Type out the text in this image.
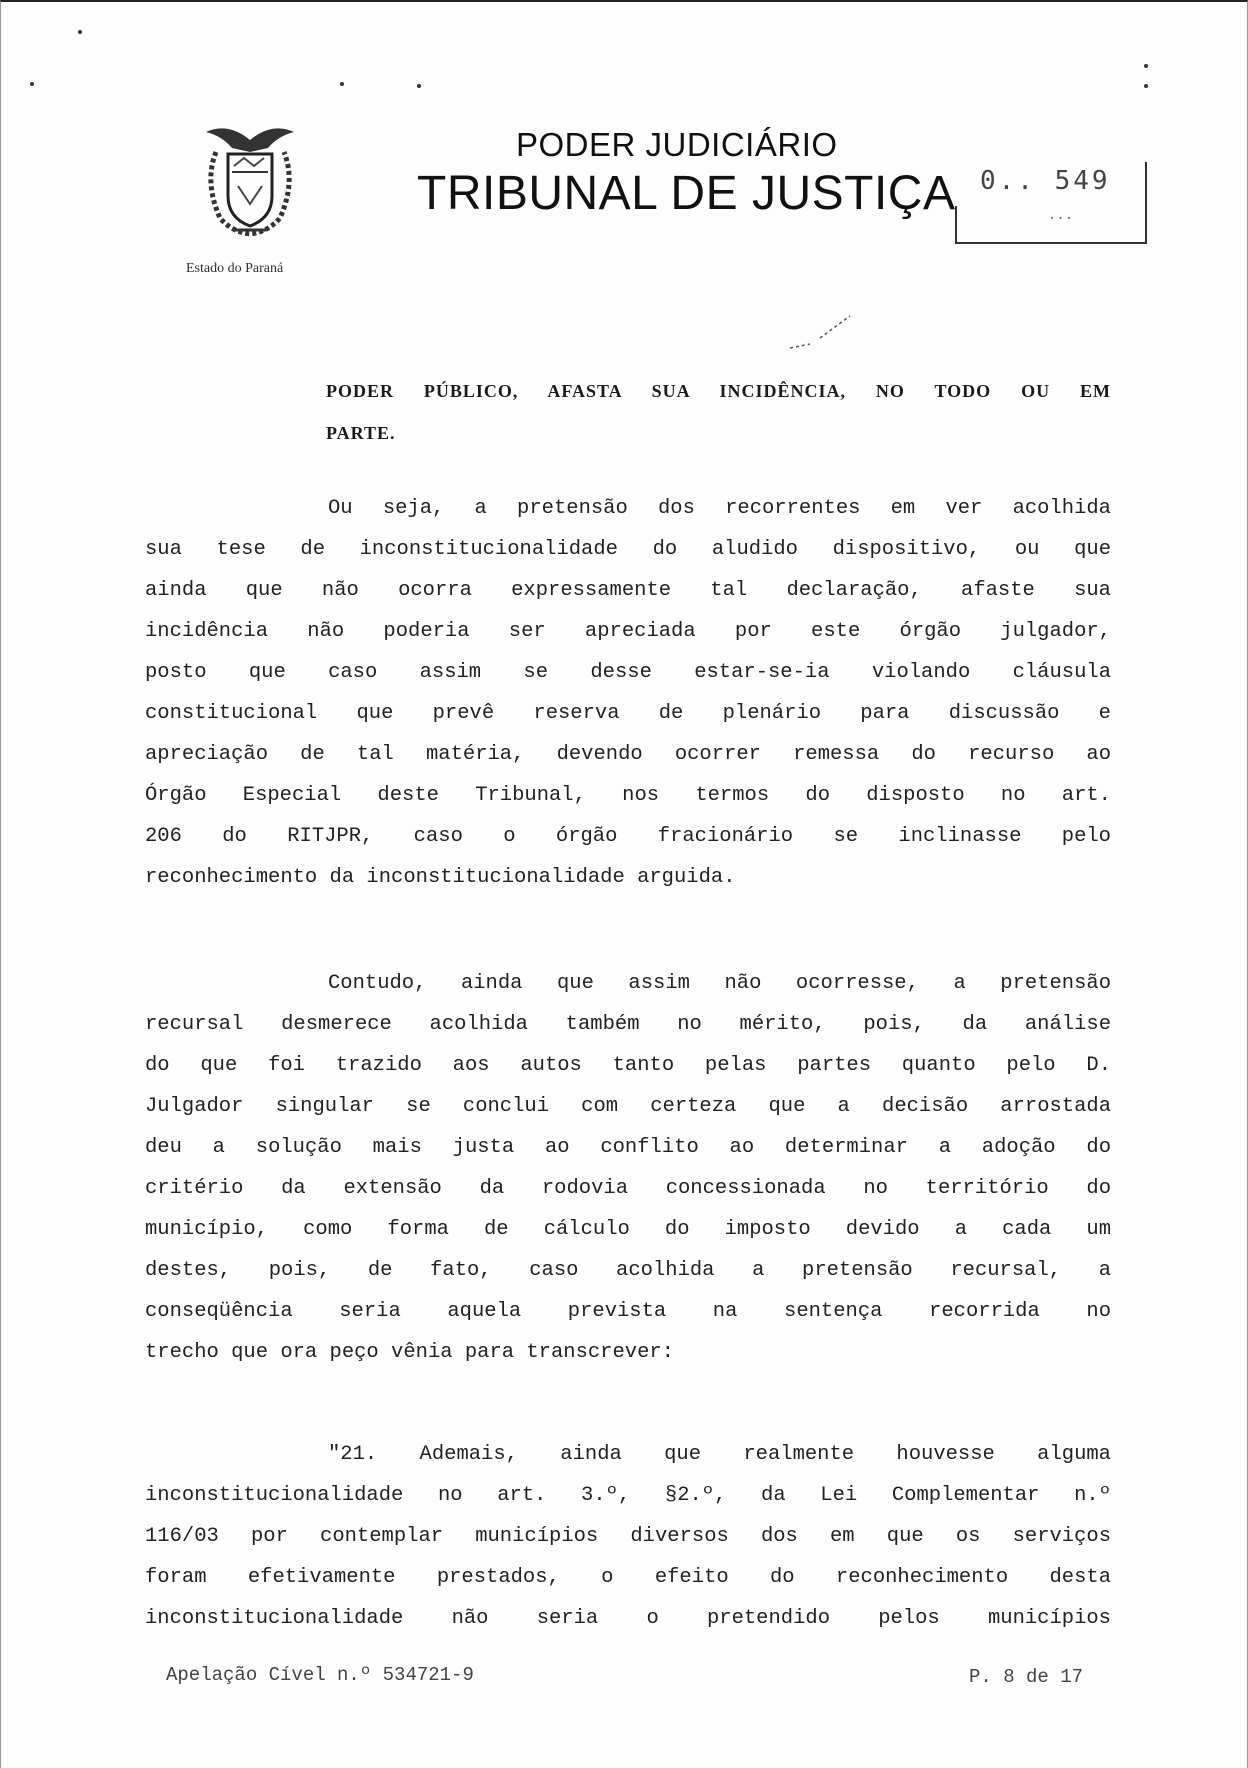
Estado do Paraná
PODER JUDICIÁRIO
TRIBUNAL DE JUSTIÇA 0.. 549
...
PODER PÚBLICO, AFASTA SUA INCIDÊNCIA, NO TODO OU EM
PARTE.
Ou seja, a pretensão dos recorrentes em ver acolhida
sua tese de inconstitucionalidade do aludido dispositivo, ou que
ainda que não ocorra expressamente tal declaração, afaste sua
incidência não poderia ser apreciada por este órgão julgador,
posto que caso assim se desse estar-se-ia violando cláusula
constitucional que prevê reserva de plenário para discussão e
apreciação de tal matéria, devendo ocorrer remessa do recurso ao
Órgão Especial deste Tribunal, nos termos do disposto no art.
206 do RITJPR, caso o órgão fracionário se inclinasse pelo
reconhecimento da inconstitucionalidade arguida.
Contudo, ainda que assim não ocorresse, a pretensão
recursal desmerece acolhida também no mérito, pois, da análise
do que foi trazido aos autos tanto pelas partes quanto pelo D.
Julgador singular se conclui com certeza que a decisão arrostada
deu a solução mais justa ao conflito ao determinar a adoção do
critério da extensão da rodovia concessionada no território do
município, como forma de cálculo do imposto devido a cada um
destes, pois, de fato, caso acolhida a pretensão recursal, a
conseqüência seria aquela prevista na sentença recorrida no
trecho que ora peço vênia para transcrever:
"21. Ademais, ainda que realmente houvesse alguma
inconstitucionalidade no art. 3.º, §2.º, da Lei Complementar n.º
116/03 por contemplar municípios diversos dos em que os serviços
foram efetivamente prestados, o efeito do reconhecimento desta
inconstitucionalidade não seria o pretendido pelos municípios
Apelação Cível n.º 534721-9	P. 8 de 17
